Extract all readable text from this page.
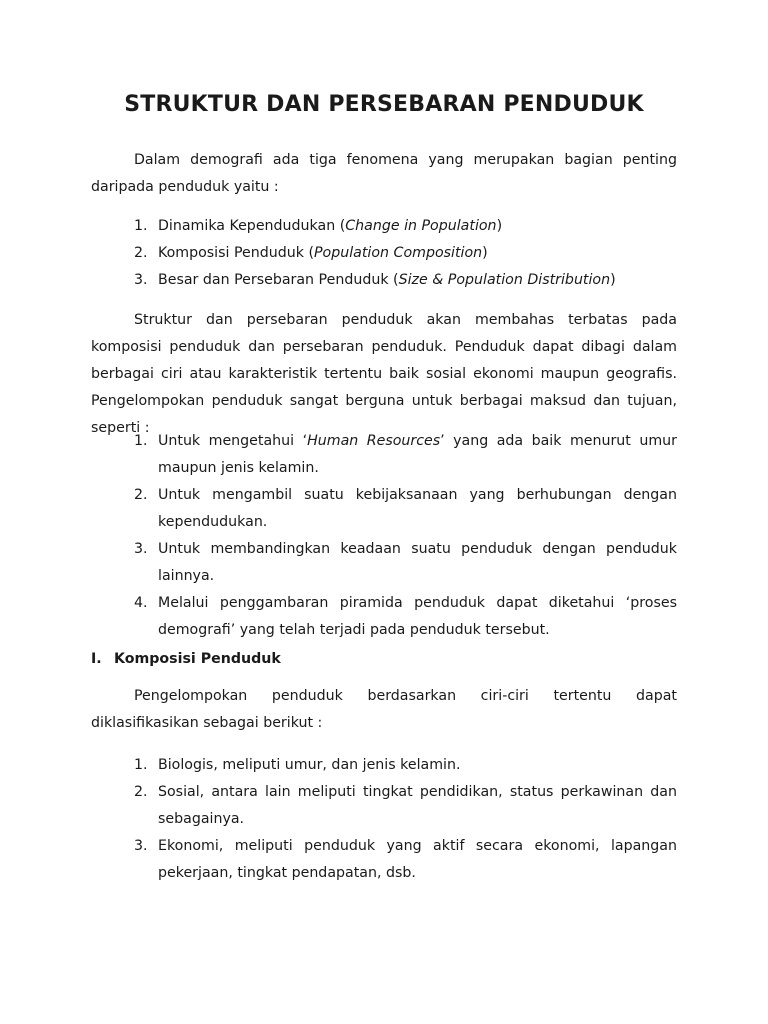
STRUKTUR DAN PERSEBARAN PENDUDUK

Dalam demografi ada tiga fenomena yang merupakan bagian penting daripada penduduk yaitu :

1. Dinamika Kependudukan (Change in Population)
2. Komposisi Penduduk (Population Composition)
3. Besar dan Persebaran Penduduk (Size & Population Distribution)

Struktur dan persebaran penduduk akan membahas terbatas pada komposisi penduduk dan persebaran penduduk. Penduduk dapat dibagi dalam berbagai ciri atau karakteristik tertentu baik sosial ekonomi maupun geografis. Pengelompokan penduduk sangat berguna untuk berbagai maksud dan tujuan, seperti :

1. Untuk mengetahui ‘Human Resources’ yang ada baik menurut umur maupun jenis kelamin.
2. Untuk mengambil suatu kebijaksanaan yang berhubungan dengan kependudukan.
3. Untuk membandingkan keadaan suatu penduduk dengan penduduk lainnya.
4. Melalui penggambaran piramida penduduk dapat diketahui ‘proses demografi’ yang telah terjadi pada penduduk tersebut.
I. Komposisi Penduduk

Pengelompokan penduduk berdasarkan ciri-ciri tertentu dapat diklasifikasikan sebagai berikut :

1. Biologis, meliputi umur, dan jenis kelamin.
2. Sosial, antara lain meliputi tingkat pendidikan, status perkawinan dan sebagainya.
3. Ekonomi, meliputi penduduk yang aktif secara ekonomi, lapangan pekerjaan, tingkat pendapatan, dsb.
